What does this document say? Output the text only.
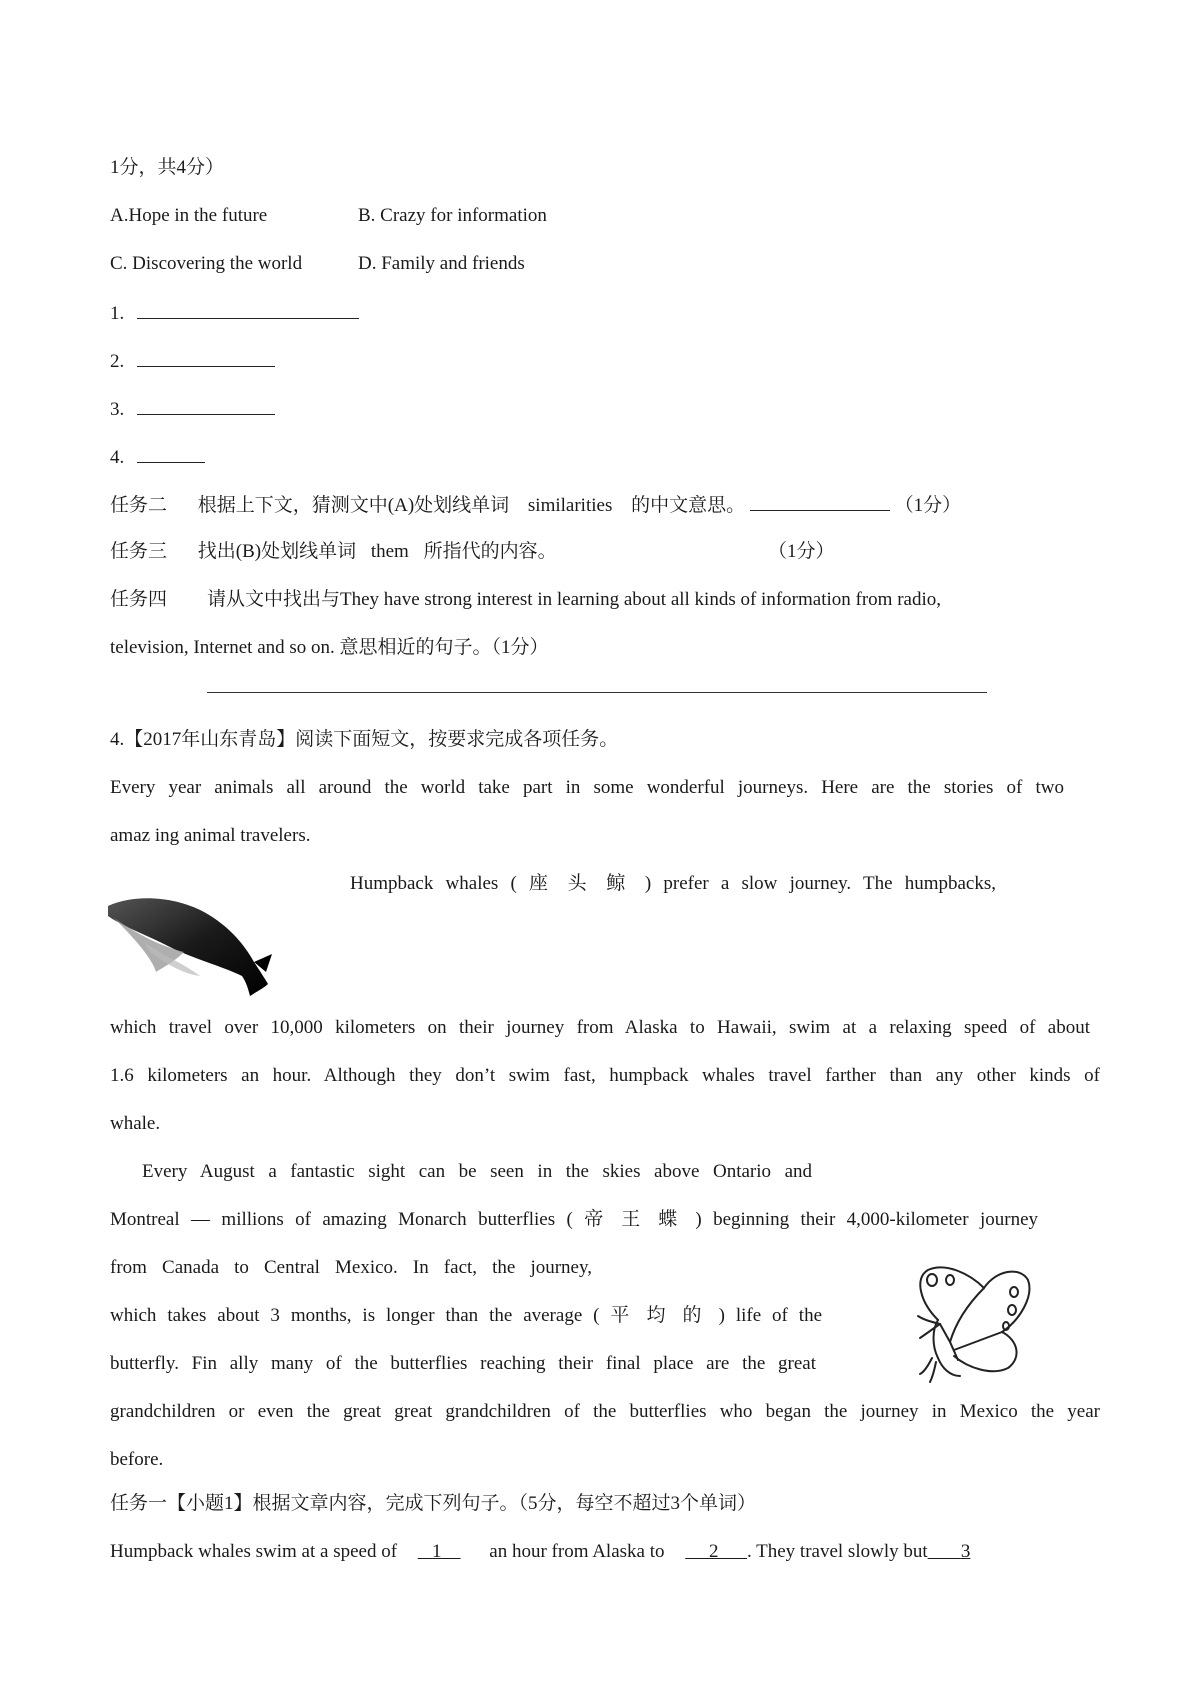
1分，共4分）
A.Hope in the future	B. Crazy for information
C. Discovering the world	D. Family and friends
1.
2.
3.
4.
任务二 根据上下文，猜测文中(A)处划线单词 similarities 的中文意思。	（1分）
任务三 找出(B)处划线单词 them 所指代的内容。	（1分）
任务四 请从文中找出与They have strong interest in learning about all kinds of information from radio,
television, Internet and so on. 意思相近的句子。（1分）
4.【2017年山东青岛】阅读下面短文，按要求完成各项任务。
Every year animals all around the world take part in some wonderful journeys. Here are the stories of two
amaz ing animal travelers.
Humpback whales ( 座 头 鲸 ) prefer a slow journey. The humpbacks,
which travel over 10,000 kilometers on their journey from Alaska to Hawaii, swim at a relaxing speed of about
1.6 kilometers an hour. Although they don’t swim fast, humpback whales travel farther than any other kinds of
whale.
Every August a fantastic sight can be seen in the skies above Ontario and
Montreal — millions of amazing Monarch butterflies ( 帝 王 蝶 ) beginning their 4,000-kilometer journey
from Canada to Central Mexico. In fact, the journey,
which takes about 3 months, is longer than the average ( 平 均 的 ) life of the
butterfly. Fin ally many of the butterflies reaching their final place are the great
grandchildren or even the great great grandchildren of the butterflies who began the journey in Mexico the year
before.
任务一【小题1】根据文章内容，完成下列句子。（5分，每空不超过3个单词）
Humpback whales swim at a speed of 1	an hour from Alaska to 2 . They travel slowly but 3
